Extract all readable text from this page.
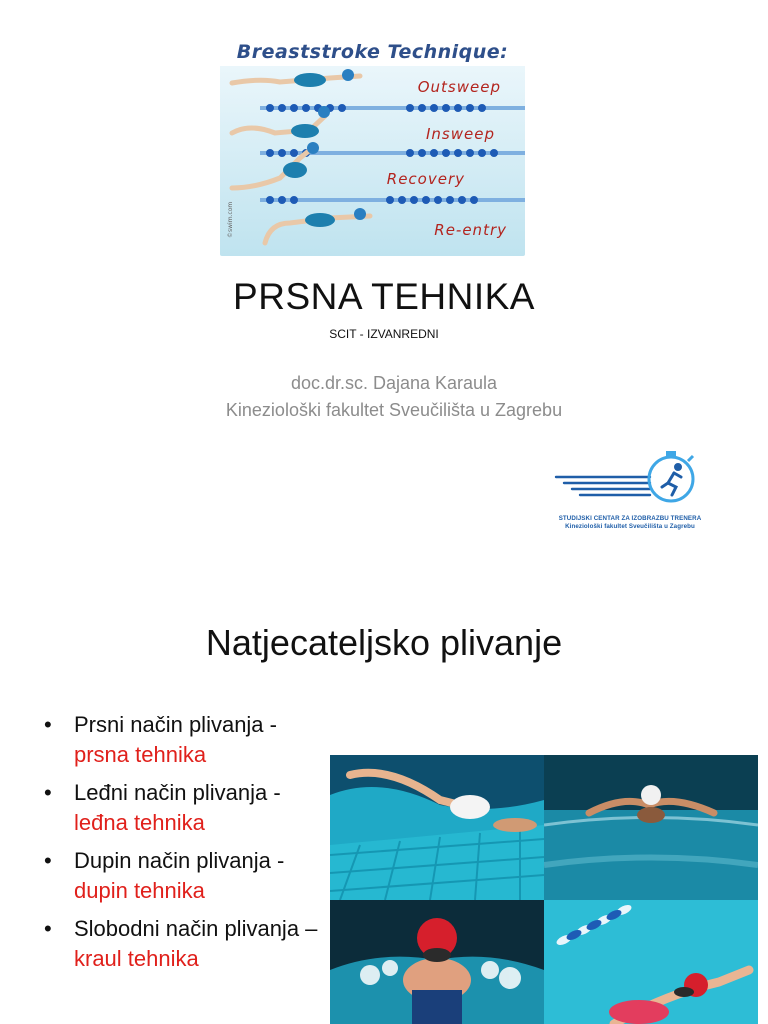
©swim.com
Breaststroke Technique:
Outsweep
Insweep
Recovery
Re-entry
PRSNA TEHNIKA
SCIT - IZVANREDNI
doc.dr.sc. Dajana Karaula
Kineziološki fakultet Sveučilišta u Zagrebu
STUDIJSKI CENTAR ZA IZOBRAZBU TRENERA
Kineziološki fakultet Sveučilišta u Zagrebu
Natjecateljsko plivanje
• Prsni način plivanja - prsna tehnika
• Leđni način plivanja - leđna tehnika
• Dupin način plivanja - dupin tehnika
• Slobodni način plivanja – kraul tehnika
